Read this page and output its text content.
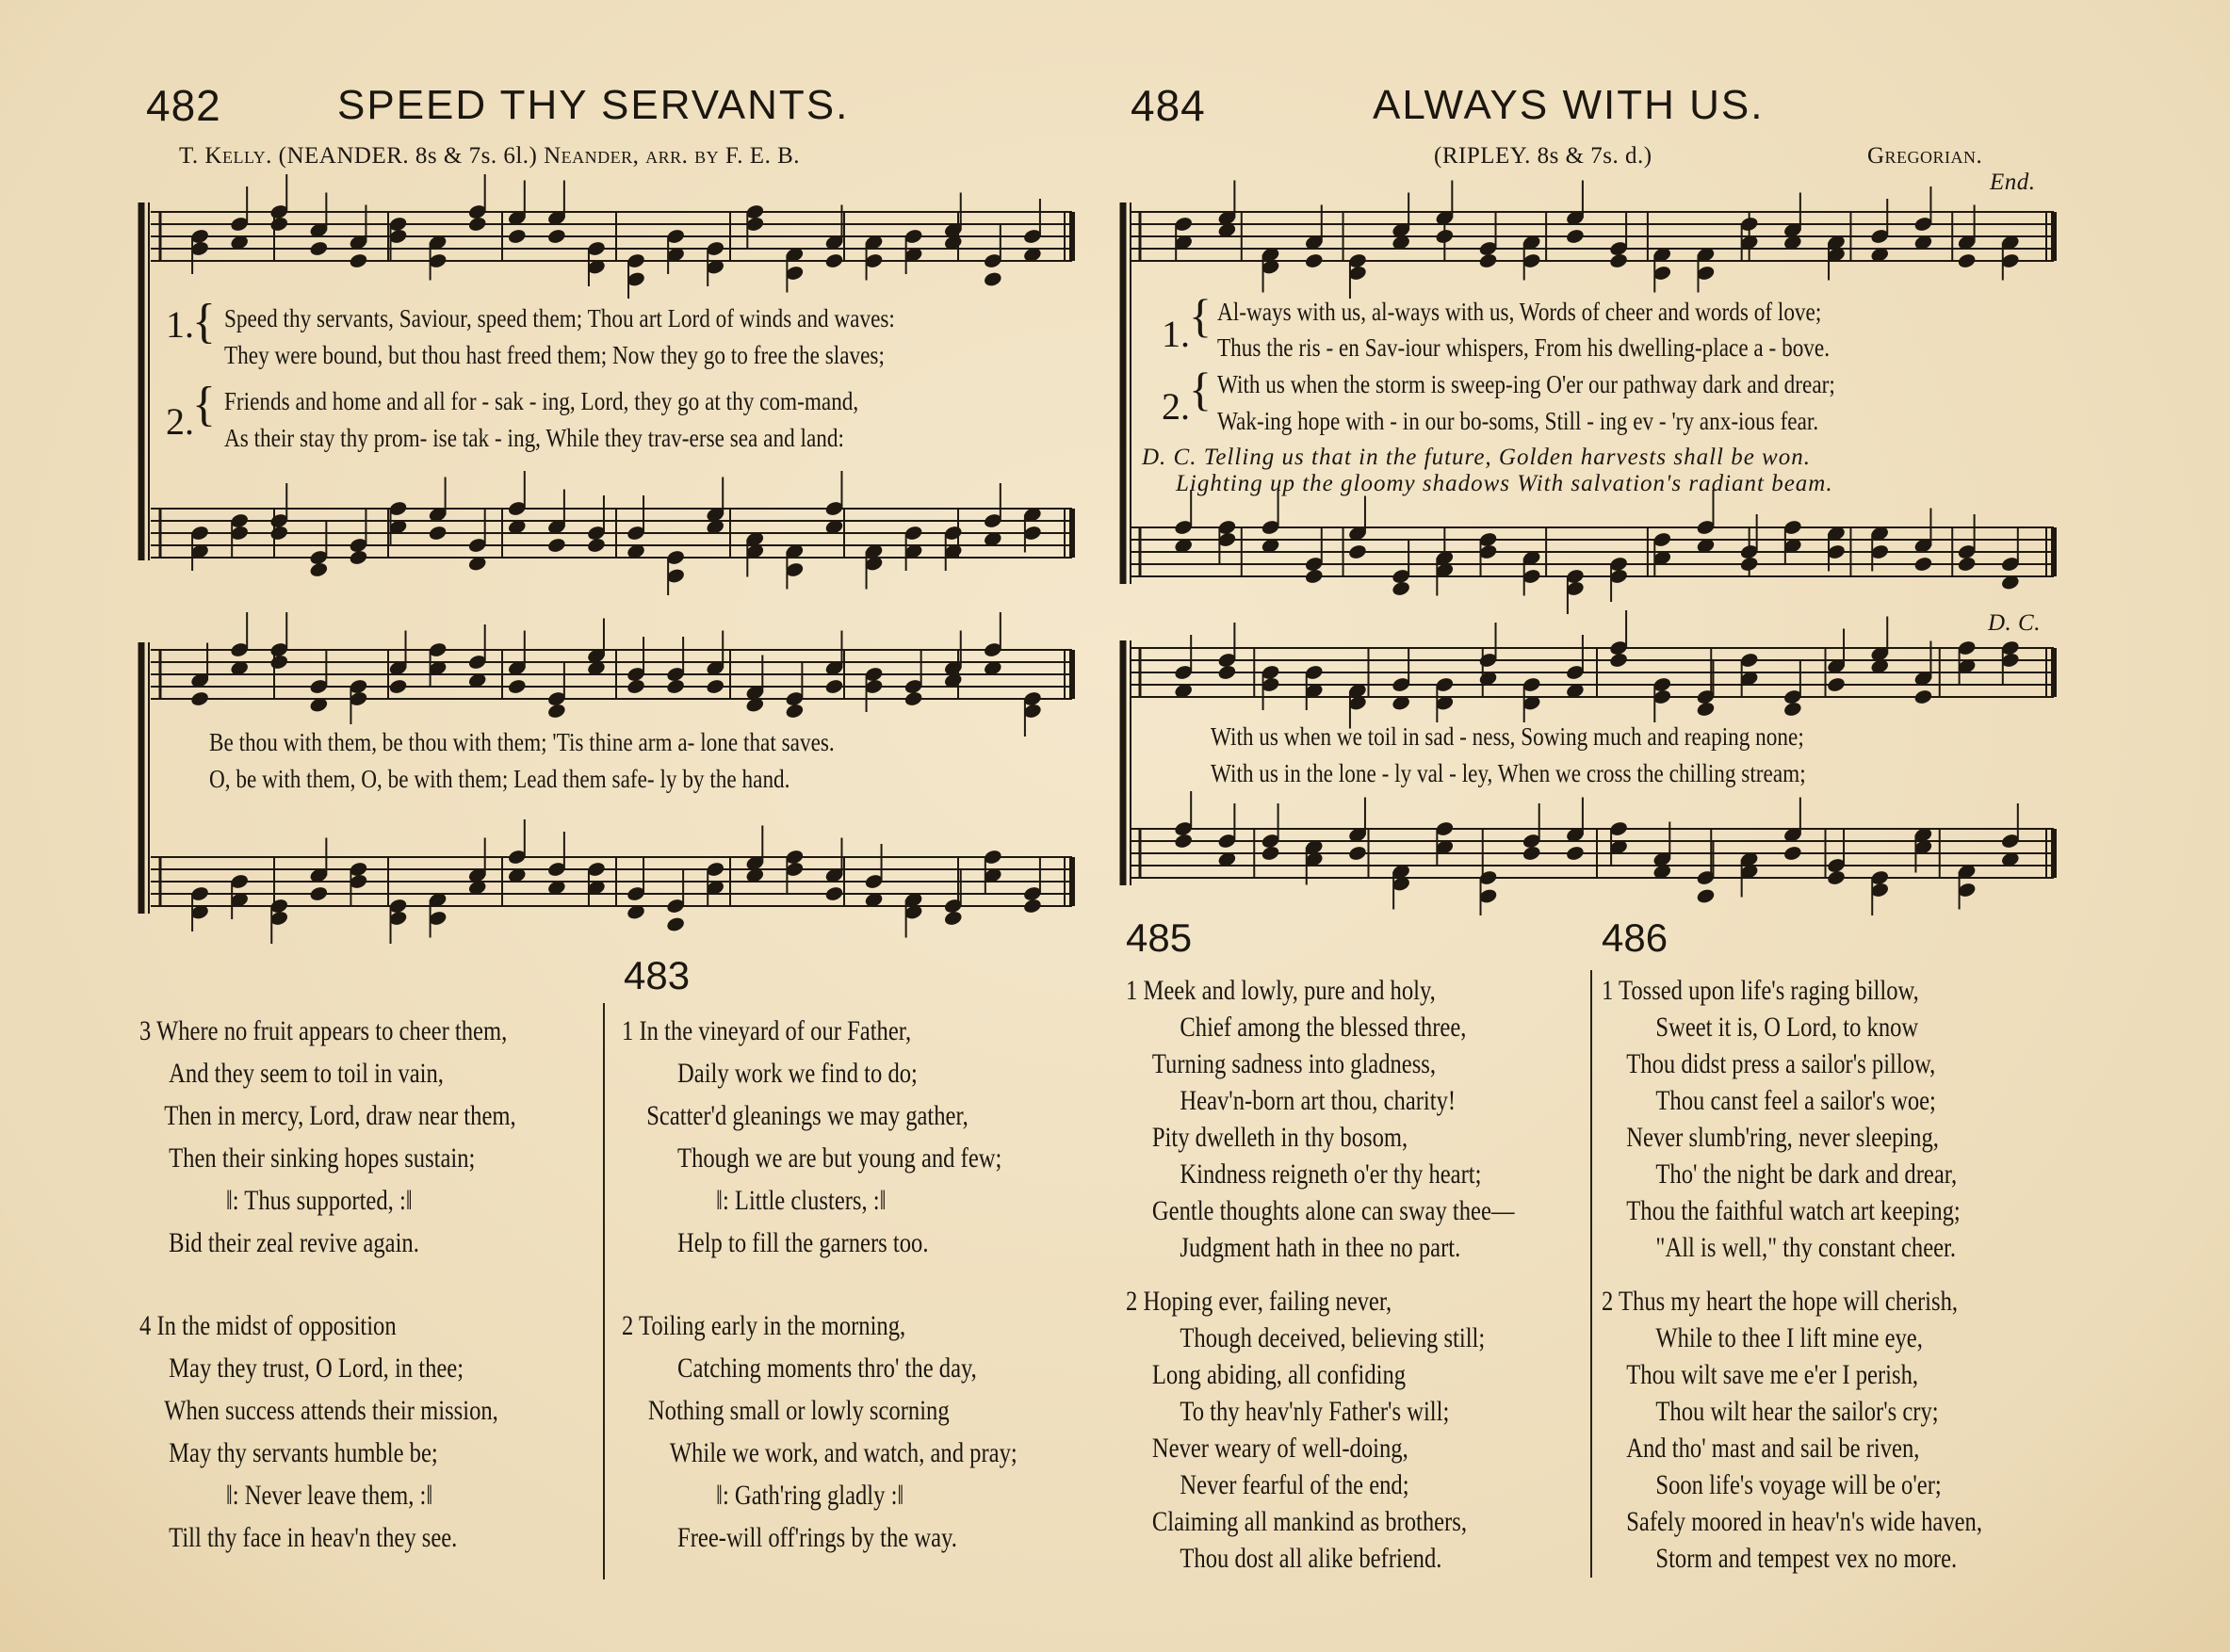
482	SPEED THY SERVANTS.
T. Kelly. (NEANDER. 8s & 7s. 6l.) Neander, arr. by F. E. B.
484	ALWAYS WITH US.
(RIPLEY. 8s & 7s. d.)	Gregorian.
End.
1.
{ Speed thy servants, Saviour, speed them; Thou art Lord of winds and waves:
They were bound, but thou hast freed them; Now they go to free the slaves;
2.
{ Friends and home and all for - sak - ing, Lord, they go at thy com-mand,
As their stay thy prom- ise tak - ing, While they trav-erse sea and land:
Be thou with them, be thou with them; 'Tis thine arm a- lone that saves.
O, be with them, O, be with them; Lead them safe- ly by the hand.
1. { Al-ways with us, al-ways with us, Words of cheer and words of love;
Thus the ris - en Sav-iour whispers, From his dwelling-place a - bove.
2. { With us when the storm is sweep-ing O'er our pathway dark and drear;
Wak-ing hope with - in our bo-soms, Still - ing ev - 'ry anx-ious fear.
D. C. Telling us that in the future, Golden harvests shall be won.
Lighting up the gloomy shadows With salvation's radiant beam.
D. C.
With us when we toil in sad - ness, Sowing much and reaping none;
With us in the lone - ly val - ley, When we cross the chilling stream;
3 Where no fruit appears to cheer them,
And they seem to toil in vain,
Then in mercy, Lord, draw near them,
Then their sinking hopes sustain;
‖: Thus supported, :‖
Bid their zeal revive again.
4 In the midst of opposition
May they trust, O Lord, in thee;
When success attends their mission,
May thy servants humble be;
‖: Never leave them, :‖
Till thy face in heav'n they see.
483
1 In the vineyard of our Father,
Daily work we find to do;
Scatter'd gleanings we may gather,
Though we are but young and few;
‖: Little clusters, :‖
Help to fill the garners too.
2 Toiling early in the morning,
Catching moments thro' the day,
Nothing small or lowly scorning
While we work, and watch, and pray;
‖: Gath'ring gladly :‖
Free-will off'rings by the way.
485
1 Meek and lowly, pure and holy,
Chief among the blessed three,
Turning sadness into gladness,
Heav'n-born art thou, charity!
Pity dwelleth in thy bosom,
Kindness reigneth o'er thy heart;
Gentle thoughts alone can sway thee—
Judgment hath in thee no part.
2 Hoping ever, failing never,
Though deceived, believing still;
Long abiding, all confiding
To thy heav'nly Father's will;
Never weary of well-doing,
Never fearful of the end;
Claiming all mankind as brothers,
Thou dost all alike befriend.
486
1 Tossed upon life's raging billow,
Sweet it is, O Lord, to know
Thou didst press a sailor's pillow,
Thou canst feel a sailor's woe;
Never slumb'ring, never sleeping,
Tho' the night be dark and drear,
Thou the faithful watch art keeping;
"All is well," thy constant cheer.
2 Thus my heart the hope will cherish,
While to thee I lift mine eye,
Thou wilt save me e'er I perish,
Thou wilt hear the sailor's cry;
And tho' mast and sail be riven,
Soon life's voyage will be o'er;
Safely moored in heav'n's wide haven,
Storm and tempest vex no more.
